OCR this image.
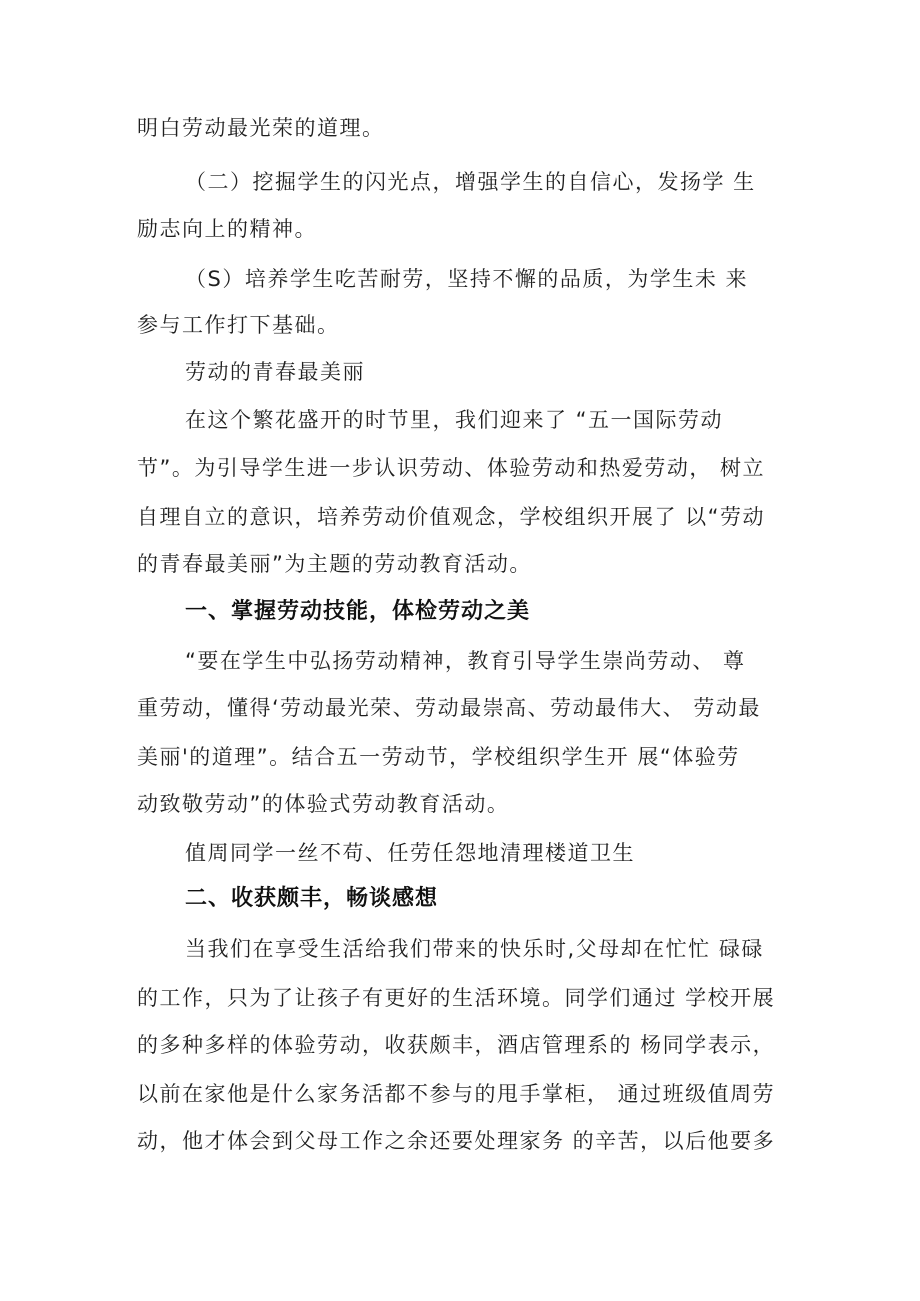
明白劳动最光荣的道理。
（二）挖掘学生的闪光点，增强学生的自信心，发扬学 生
励志向上的精神。
（S）培养学生吃苦耐劳，坚持不懈的品质，为学生未 来
参与工作打下基础。
劳动的青春最美丽
在这个繁花盛开的时节里，我们迎来了 “五一国际劳动
节”。为引导学生进一步认识劳动、体验劳动和热爱劳动， 树立
自理自立的意识，培养劳动价值观念，学校组织开展了 以“劳动
的青春最美丽”为主题的劳动教育活动。
一、掌握劳动技能，体检劳动之美
“要在学生中弘扬劳动精神，教育引导学生崇尚劳动、 尊
重劳动，懂得‘劳动最光荣、劳动最崇高、劳动最伟大、 劳动最
美丽'的道理”。结合五一劳动节，学校组织学生开 展“体验劳
动致敬劳动”的体验式劳动教育活动。
值周同学一丝不苟、任劳任怨地清理楼道卫生
二、收获颇丰，畅谈感想
当我们在享受生活给我们带来的快乐时,父母却在忙忙 碌碌
的工作，只为了让孩子有更好的生活环境。同学们通过 学校开展
的多种多样的体验劳动，收获颇丰，酒店管理系的 杨同学表示，
以前在家他是什么家务活都不参与的甩手掌柜， 通过班级值周劳
动，他才体会到父母工作之余还要处理家务 的辛苦，以后他要多
